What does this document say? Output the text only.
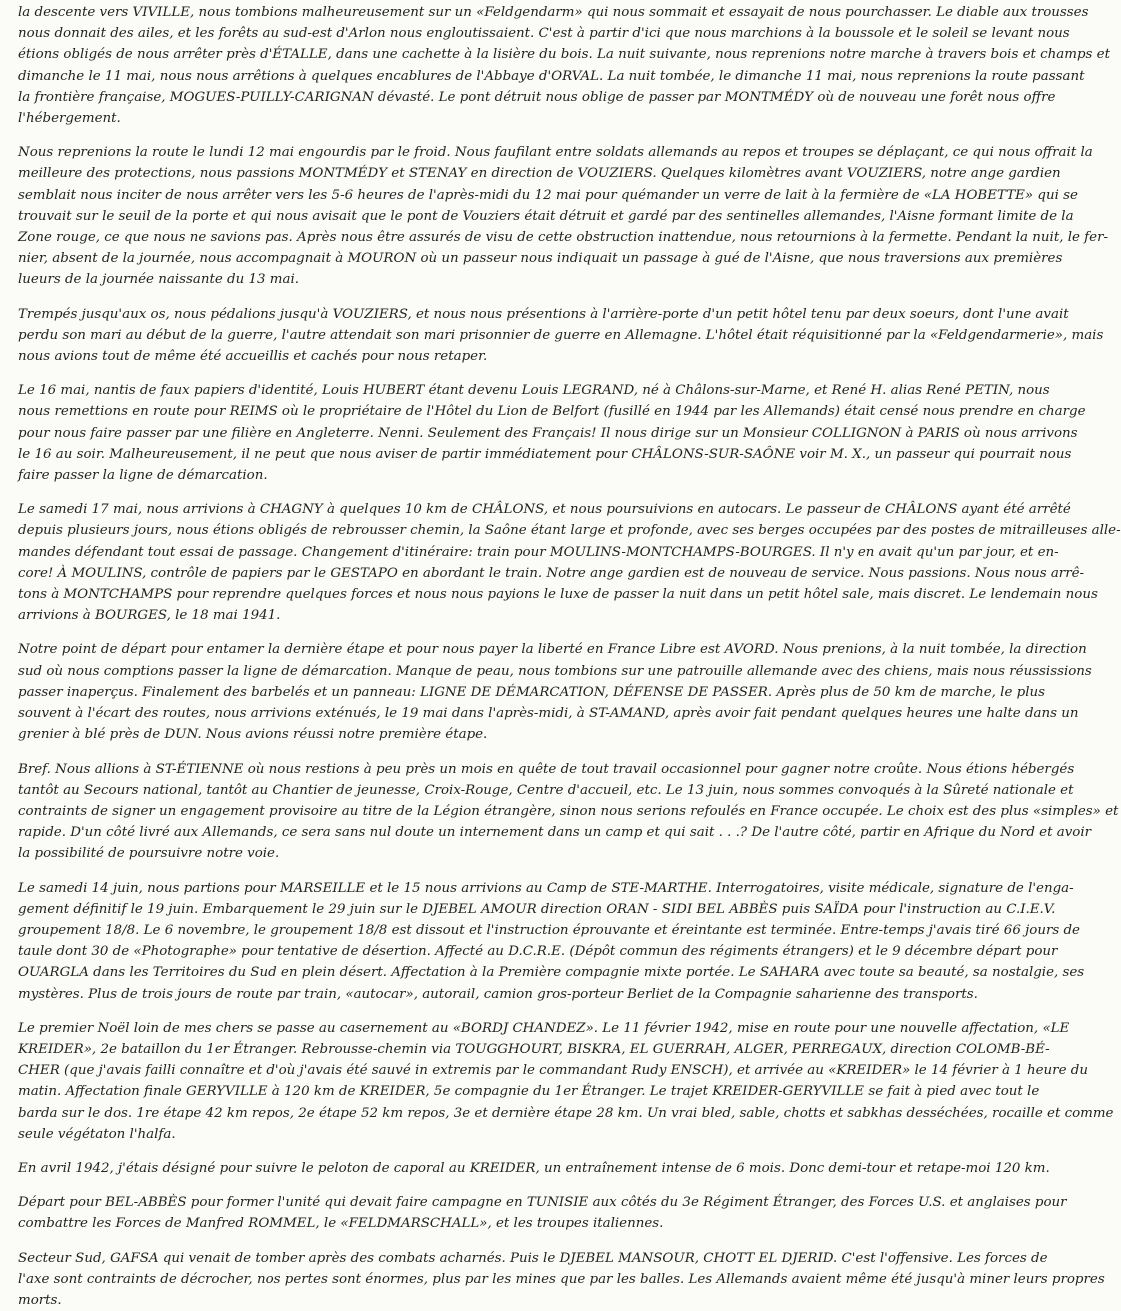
la descente vers VIVILLE, nous tombions malheureusement sur un «Feldgendarm» qui nous sommait et essayait de nous pourchasser. Le diable aux trousses
nous donnait des ailes, et les forêts au sud-est d'Arlon nous engloutissaient. C'est à partir d'ici que nous marchions à la boussole et le soleil se levant nous
étions obligés de nous arrêter près d'ÉTALLE, dans une cachette à la lisière du bois. La nuit suivante, nous reprenions notre marche à travers bois et champs et
dimanche le 11 mai, nous nous arrêtions à quelques encablures de l'Abbaye d'ORVAL. La nuit tombée, le dimanche 11 mai, nous reprenions la route passant
la frontière française, MOGUES-PUILLY-CARIGNAN dévasté. Le pont détruit nous oblige de passer par MONTMÉDY où de nouveau une forêt nous offre
l'hébergement.

Nous reprenions la route le lundi 12 mai engourdis par le froid. Nous faufilant entre soldats allemands au repos et troupes se déplaçant, ce qui nous offrait la
meilleure des protections, nous passions MONTMÉDY et STENAY en direction de VOUZIERS. Quelques kilomètres avant VOUZIERS, notre ange gardien
semblait nous inciter de nous arrêter vers les 5-6 heures de l'après-midi du 12 mai pour quémander un verre de lait à la fermière de «LA HOBETTE» qui se
trouvait sur le seuil de la porte et qui nous avisait que le pont de Vouziers était détruit et gardé par des sentinelles allemandes, l'Aisne formant limite de la
Zone rouge, ce que nous ne savions pas. Après nous être assurés de visu de cette obstruction inattendue, nous retournions à la fermette. Pendant la nuit, le fer-
nier, absent de la journée, nous accompagnait à MOURON où un passeur nous indiquait un passage à gué de l'Aisne, que nous traversions aux premières
lueurs de la journée naissante du 13 mai.

Trempés jusqu'aux os, nous pédalions jusqu'à VOUZIERS, et nous nous présentions à l'arrière-porte d'un petit hôtel tenu par deux soeurs, dont l'une avait
perdu son mari au début de la guerre, l'autre attendait son mari prisonnier de guerre en Allemagne. L'hôtel était réquisitionné par la «Feldgendarmerie», mais
nous avions tout de même été accueillis et cachés pour nous retaper.

Le 16 mai, nantis de faux papiers d'identité, Louis HUBERT étant devenu Louis LEGRAND, né à Châlons-sur-Marne, et René H. alias René PETIN, nous
nous remettions en route pour REIMS où le propriétaire de l'Hôtel du Lion de Belfort (fusillé en 1944 par les Allemands) était censé nous prendre en charge
pour nous faire passer par une filière en Angleterre. Nenni. Seulement des Français! Il nous dirige sur un Monsieur COLLIGNON à PARIS où nous arrivons
le 16 au soir. Malheureusement, il ne peut que nous aviser de partir immédiatement pour CHÂLONS-SUR-SAÔNE voir M. X., un passeur qui pourrait nous
faire passer la ligne de démarcation.

Le samedi 17 mai, nous arrivions à CHAGNY à quelques 10 km de CHÂLONS, et nous poursuivions en autocars. Le passeur de CHÂLONS ayant été arrêté
depuis plusieurs jours, nous étions obligés de rebrousser chemin, la Saône étant large et profonde, avec ses berges occupées par des postes de mitrailleuses alle-
mandes défendant tout essai de passage. Changement d'itinéraire: train pour MOULINS-MONTCHAMPS-BOURGES. Il n'y en avait qu'un par jour, et en-
core! À MOULINS, contrôle de papiers par le GESTAPO en abordant le train. Notre ange gardien est de nouveau de service. Nous passions. Nous nous arrê-
tons à MONTCHAMPS pour reprendre quelques forces et nous nous payions le luxe de passer la nuit dans un petit hôtel sale, mais discret. Le lendemain nous
arrivions à BOURGES, le 18 mai 1941.

Notre point de départ pour entamer la dernière étape et pour nous payer la liberté en France Libre est AVORD. Nous prenions, à la nuit tombée, la direction
sud où nous comptions passer la ligne de démarcation. Manque de peau, nous tombions sur une patrouille allemande avec des chiens, mais nous réussissions
passer inaperçus. Finalement des barbelés et un panneau: LIGNE DE DÉMARCATION, DÉFENSE DE PASSER. Après plus de 50 km de marche, le plus
souvent à l'écart des routes, nous arrivions exténués, le 19 mai dans l'après-midi, à ST-AMAND, après avoir fait pendant quelques heures une halte dans un
grenier à blé près de DUN. Nous avions réussi notre première étape.

Bref. Nous allions à ST-ÉTIENNE où nous restions à peu près un mois en quête de tout travail occasionnel pour gagner notre croûte. Nous étions hébergés
tantôt au Secours national, tantôt au Chantier de jeunesse, Croix-Rouge, Centre d'accueil, etc. Le 13 juin, nous sommes convoqués à la Sûreté nationale et
contraints de signer un engagement provisoire au titre de la Légion étrangère, sinon nous serions refoulés en France occupée. Le choix est des plus «simples» et
rapide. D'un côté livré aux Allemands, ce sera sans nul doute un internement dans un camp et qui sait . . .? De l'autre côté, partir en Afrique du Nord et avoir
la possibilité de poursuivre notre voie.

Le samedi 14 juin, nous partions pour MARSEILLE et le 15 nous arrivions au Camp de STE-MARTHE. Interrogatoires, visite médicale, signature de l'enga-
gement définitif le 19 juin. Embarquement le 29 juin sur le DJEBEL AMOUR direction ORAN - SIDI BEL ABBÈS puis SAÏDA pour l'instruction au C.I.E.V.
groupement 18/8. Le 6 novembre, le groupement 18/8 est dissout et l'instruction éprouvante et éreintante est terminée. Entre-temps j'avais tiré 66 jours de
taule dont 30 de «Photographe» pour tentative de désertion. Affecté au D.C.R.E. (Dépôt commun des régiments étrangers) et le 9 décembre départ pour
OUARGLA dans les Territoires du Sud en plein désert. Affectation à la Première compagnie mixte portée. Le SAHARA avec toute sa beauté, sa nostalgie, ses
mystères. Plus de trois jours de route par train, «autocar», autorail, camion gros-porteur Berliet de la Compagnie saharienne des transports.

Le premier Noël loin de mes chers se passe au casernement au «BORDJ CHANDEZ». Le 11 février 1942, mise en route pour une nouvelle affectation, «LE
KREIDER», 2e bataillon du 1er Étranger. Rebrousse-chemin via TOUGGHOURT, BISKRA, EL GUERRAH, ALGER, PERREGAUX, direction COLOMB-BÉ-
CHER (que j'avais failli connaître et d'où j'avais été sauvé in extremis par le commandant Rudy ENSCH), et arrivée au «KREIDER» le 14 février à 1 heure du
matin. Affectation finale GERYVILLE à 120 km de KREIDER, 5e compagnie du 1er Étranger. Le trajet KREIDER-GERYVILLE se fait à pied avec tout le
barda sur le dos. 1re étape 42 km repos, 2e étape 52 km repos, 3e et dernière étape 28 km. Un vrai bled, sable, chotts et sabkhas desséchées, rocaille et comme
seule végétaton l'halfa.

En avril 1942, j'étais désigné pour suivre le peloton de caporal au KREIDER, un entraînement intense de 6 mois. Donc demi-tour et retape-moi 120 km.

Départ pour BEL-ABBÈS pour former l'unité qui devait faire campagne en TUNISIE aux côtés du 3e Régiment Étranger, des Forces U.S. et anglaises pour
combattre les Forces de Manfred ROMMEL, le «FELDMARSCHALL», et les troupes italiennes.

Secteur Sud, GAFSA qui venait de tomber après des combats acharnés. Puis le DJEBEL MANSOUR, CHOTT EL DJERID. C'est l'offensive. Les forces de
l'axe sont contraints de décrocher, nos pertes sont énormes, plus par les mines que par les balles. Les Allemands avaient même été jusqu'à miner leurs propres
morts.
